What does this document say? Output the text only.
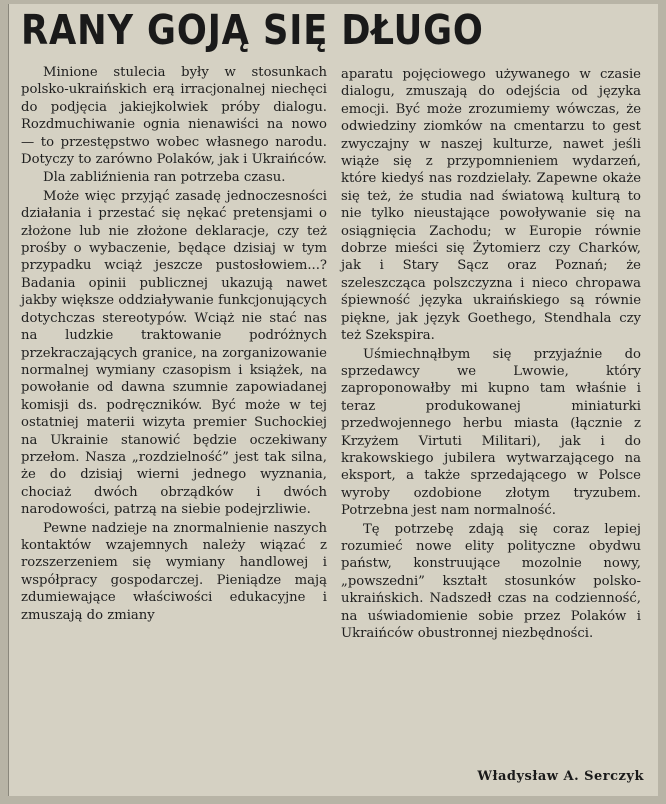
RANY GOJĄ SIĘ DŁUGO

Minione stulecia były w stosunkach polsko-ukraińskich erą irracjonalnej niechęci do podjęcia jakiejkolwiek próby dialogu. Rozdmuchiwanie ognia nienawiści na nowo — to przestępstwo wobec własnego narodu. Dotyczy to zarówno Polaków, jak i Ukraińców.

Dla zabliźnienia ran potrzeba czasu.

Może więc przyjąć zasadę jednoczesności działania i przestać się nękać pretensjami o złożone lub nie złożone deklaracje, czy też prośby o wybaczenie, będące dzisiaj w tym przypadku wciąż jeszcze pustosłowiem...? Badania opinii publicznej ukazują nawet jakby większe oddziaływanie funkcjonujących dotychczas stereotypów. Wciąż nie stać nas na ludzkie traktowanie podróżnych przekraczających granice, na zorganizowanie normalnej wymiany czasopism i książek, na powołanie od dawna szumnie zapowiadanej komisji ds. podręczników. Być może w tej ostatniej materii wizyta premier Suchockiej na Ukrainie stanowić będzie oczekiwany przełom. Nasza „rozdzielność” jest tak silna, że do dzisiaj wierni jednego wyznania, chociaż dwóch obrządków i dwóch narodowości, patrzą na siebie podejrzliwie.

Pewne nadzieje na znormalnienie naszych kontaktów wzajemnych należy wiązać z rozszerzeniem się wymiany handlowej i współpracy gospodarczej. Pieniądze mają zdumiewające właściwości edukacyjne i zmuszają do zmiany

aparatu pojęciowego używanego w czasie dialogu, zmuszają do odejścia od języka emocji. Być może zrozumiemy wówczas, że odwiedziny ziomków na cmentarzu to gest zwyczajny w naszej kulturze, nawet jeśli wiąże się z przypomnieniem wydarzeń, które kiedyś nas rozdzielały. Zapewne okaże się też, że studia nad światową kulturą to nie tylko nieustające powoływanie się na osiągnięcia Zachodu; w Europie równie dobrze mieści się Żytomierz czy Charków, jak i Stary Sącz oraz Poznań; że szeleszcząca polszczyzna i nieco chropawa śpiewność języka ukraińskiego są równie piękne, jak język Goethego, Stendhala czy też Szekspira.

Uśmiechnąłbym się przyjaźnie do sprzedawcy we Lwowie, który zaproponowałby mi kupno tam właśnie i teraz produkowanej miniaturki przedwojennego herbu miasta (łącznie z Krzyżem Virtuti Militari), jak i do krakowskiego jubilera wytwarzającego na eksport, a także sprzedającego w Polsce wyroby ozdobione złotym tryzubem. Potrzebna jest nam normalność.

Tę potrzebę zdają się coraz lepiej rozumieć nowe elity polityczne obydwu państw, konstruujące mozolnie nowy, „powszedni” kształt stosunków polsko-ukraińskich. Nadszedł czas na codzienność, na uświadomienie sobie przez Polaków i Ukraińców obustronnej niezbędności.

Władysław A. Serczyk
